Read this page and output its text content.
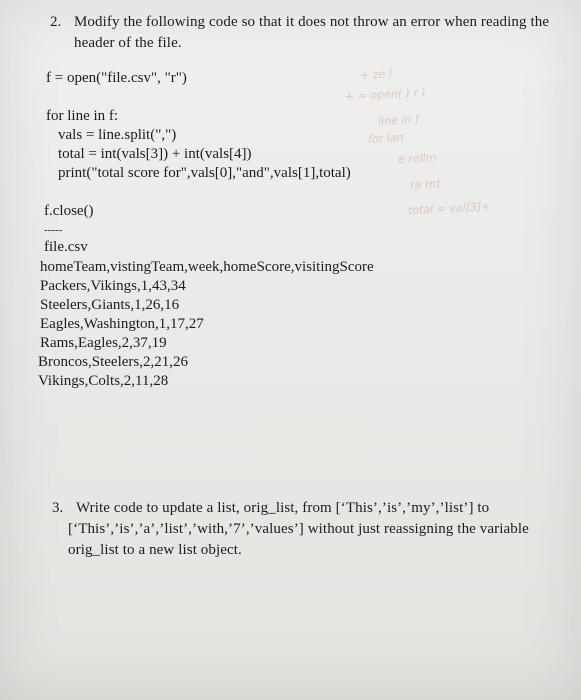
+ ze l
+ = open( ) r )
line in f
for lan
e rellm
ra rnt
total = val[3]+
2. Modify the following code so that it does not throw an error when reading the
header of the file.
f = open("file.csv", "r")
for line in f:
vals = line.split(",")
total = int(vals[3]) + int(vals[4])
print("total score for",vals[0],"and",vals[1],total)
f.close()
-----
file.csv
homeTeam,vistingTeam,week,homeScore,visitingScore
Packers,Vikings,1,43,34
Steelers,Giants,1,26,16
Eagles,Washington,1,17,27
Rams,Eagles,2,37,19
Broncos,Steelers,2,21,26
Vikings,Colts,2,11,28
3. Write code to update a list, orig_list, from [‘This’,’is’,’my’,’list’] to
[‘This’,’is’,’a’,’list’,’with,’7’,’values’] without just reassigning the variable
orig_list to a new list object.
